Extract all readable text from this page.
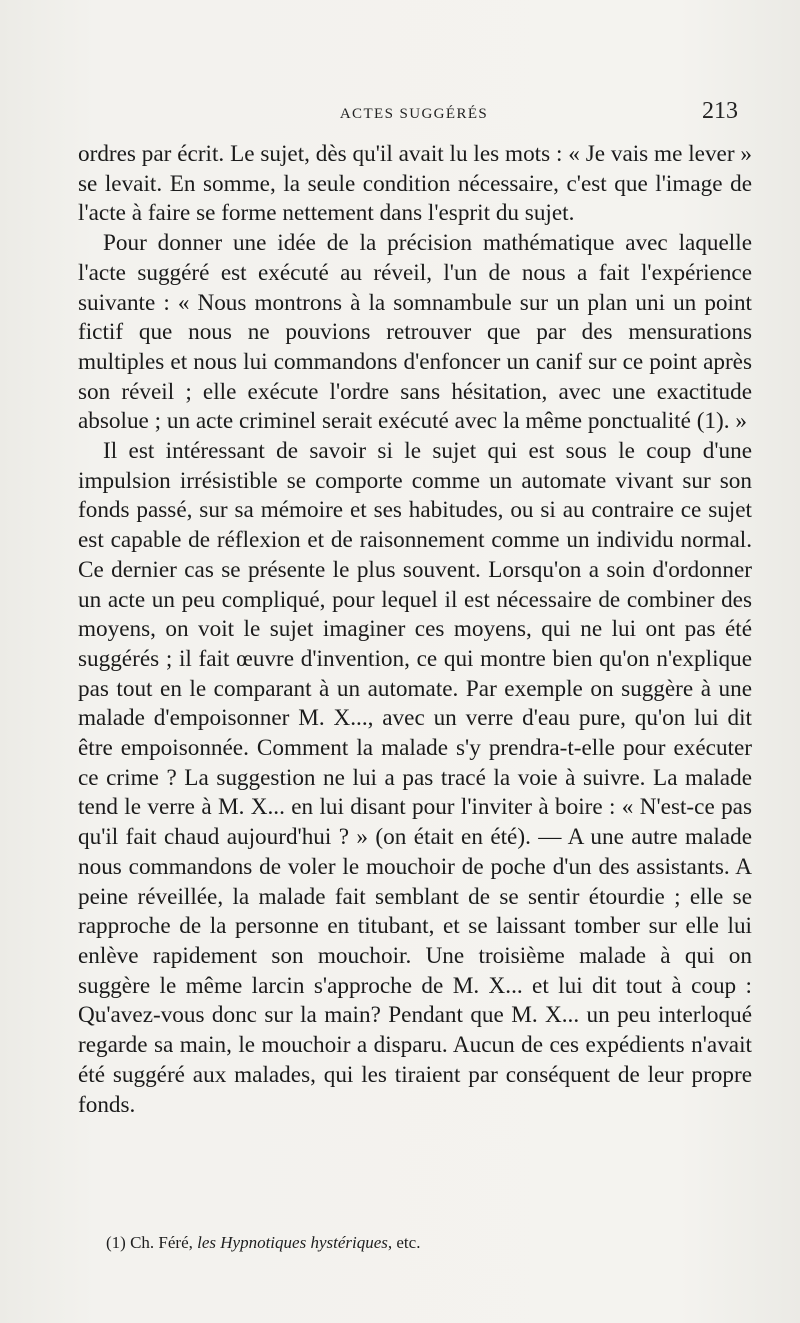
ACTES SUGGÉRÉS	213

ordres par écrit. Le sujet, dès qu'il avait lu les mots : « Je vais me lever » se levait. En somme, la seule condition nécessaire, c'est que l'image de l'acte à faire se forme nettement dans l'esprit du sujet.

Pour donner une idée de la précision mathématique avec laquelle l'acte suggéré est exécuté au réveil, l'un de nous a fait l'expérience suivante : « Nous montrons à la somnambule sur un plan uni un point fictif que nous ne pouvions retrouver que par des mensurations multiples et nous lui commandons d'enfoncer un canif sur ce point après son réveil ; elle exécute l'ordre sans hésitation, avec une exactitude absolue ; un acte criminel serait exécuté avec la même ponctualité (1). »

Il est intéressant de savoir si le sujet qui est sous le coup d'une impulsion irrésistible se comporte comme un automate vivant sur son fonds passé, sur sa mémoire et ses habitudes, ou si au contraire ce sujet est capable de réflexion et de raisonnement comme un individu normal. Ce dernier cas se présente le plus souvent. Lorsqu'on a soin d'ordonner un acte un peu compliqué, pour lequel il est nécessaire de combiner des moyens, on voit le sujet imaginer ces moyens, qui ne lui ont pas été suggérés ; il fait œuvre d'invention, ce qui montre bien qu'on n'explique pas tout en le comparant à un automate. Par exemple on suggère à une malade d'empoisonner M. X..., avec un verre d'eau pure, qu'on lui dit être empoisonnée. Comment la malade s'y prendra-t-elle pour exécuter ce crime ? La suggestion ne lui a pas tracé la voie à suivre. La malade tend le verre à M. X... en lui disant pour l'inviter à boire : « N'est-ce pas qu'il fait chaud aujourd'hui ? » (on était en été). — A une autre malade nous commandons de voler le mouchoir de poche d'un des assistants. A peine réveillée, la malade fait semblant de se sentir étourdie ; elle se rapproche de la personne en titubant, et se laissant tomber sur elle lui enlève rapidement son mouchoir. Une troisième malade à qui on suggère le même larcin s'approche de M. X... et lui dit tout à coup : Qu'avez-vous donc sur la main? Pendant que M. X... un peu interloqué regarde sa main, le mouchoir a disparu. Aucun de ces expédients n'avait été suggéré aux malades, qui les tiraient par conséquent de leur propre fonds.

(1) Ch. Féré, les Hypnotiques hystériques, etc.
